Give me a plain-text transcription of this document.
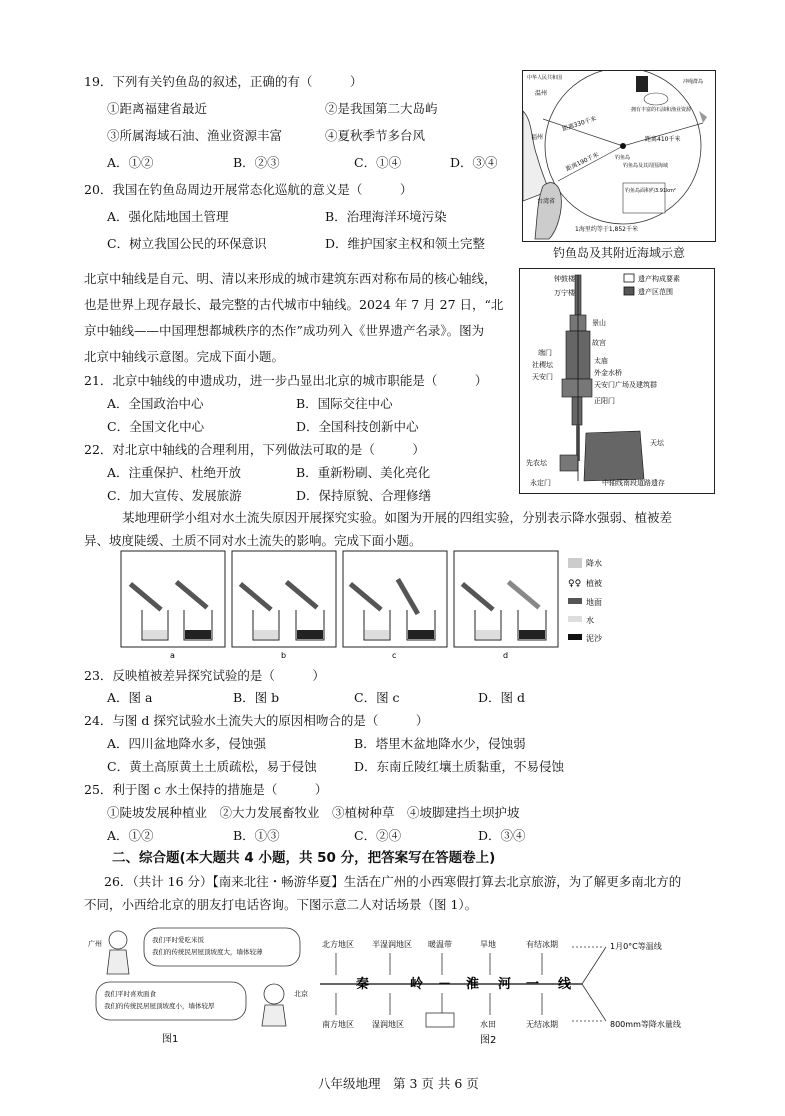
19．下列有关钓鱼岛的叙述，正确的有（　　　）
①距离福建省最近	②是我国第二大岛屿
③所属海域石油、渔业资源丰富	④夏秋季节多台风
A．①②	B．②③	C．①④	D．③④
20．我国在钓鱼岛周边开展常态化巡航的意义是（　　　）
A．强化陆地国土管理	B．治理海洋环境污染
C．树立我国公民的环保意识	D．维护国家主权和领土完整
中华人民共和国
温州
福州
距离330千米
拥有丰富的石油和渔业资源
距离410千米
距离190千米	钓鱼岛
钓鱼岛及其周围海域
台湾省
钓鱼岛面积约3.91km²
1海里约等于1,852千米
冲绳群岛
钓鱼岛及其附近海域示意
北京中轴线是自元、明、清以来形成的城市建筑东西对称布局的核心轴线，
也是世界上现存最长、最完整的古代城市中轴线。2024 年 7 月 27 日，“北
京中轴线——中国理想都城秩序的杰作”成功列入《世界遗产名录》。图为
北京中轴线示意图。完成下面小题。
21．北京中轴线的申遗成功，进一步凸显出北京的城市职能是（　　　）
A．全国政治中心	B．国际交往中心
C．全国文化中心	D．全国科技创新中心
22．对北京中轴线的合理利用，下列做法可取的是（　　　）
A．注重保护、杜绝开放	B．重新粉刷、美化亮化
C．加大宣传、发展旅游	D．保持原貌、合理修缮
遗产构成要素
遗产区范围
钟鼓楼
万宁楼
景山
故宫
端门
太庙
社稷坛
外金水桥
天安门
天安门广场及建筑群
正阳门
天坛
先农坛
永定门	中轴线南段道路遗存
某地理研学小组对水土流失原因开展探究实验。如图为开展的四组实验，分别表示降水强弱、植被差
异、坡度陡缓、土质不同对水土流失的影响。完成下面小题。
a	b	c	d
降水
♀♀ 植被
地面
水
泥沙
23．反映植被差异探究试验的是（　　　）
A．图 a	B．图 b	C．图 c	D．图 d
24．与图 d 探究试验水土流失大的原因相吻合的是（　　　）
A．四川盆地降水多，侵蚀强	B．塔里木盆地降水少，侵蚀弱
C．黄土高原黄土土质疏松，易于侵蚀	D．东南丘陵红壤土质黏重，不易侵蚀
25．利于图 c 水土保持的措施是（　　　）
①陡坡发展种植业　②大力发展畜牧业　③植树种草　④坡脚建挡土坝护坡
A．①②	B．①③	C．②④	D．③④
二、综合题(本大题共 4 小题，共 50 分，把答案写在答题卷上)
26．（共计 16 分）【南来北往・畅游华夏】生活在广州的小西寒假打算去北京旅游，为了解更多南北方的
不同，小西给北京的朋友打电话咨询。下图示意二人对话场景（图 1）。
广州
北京
我们平时爱吃米饭
我们的传统民居屋顶坡度大，墙体较薄
我们平时喜欢面食
我们的传统民居屋顶坡度小，墙体较厚
图1
北方地区 半湿润地区 暖温带	旱地	有结冰期	1月0°C等温线
南方地区 湿润地区	水田	无结冰期	800mm等降水量线
秦	岭 － 淮 河 一 线
图2
八年级地理　第 3 页 共 6 页
